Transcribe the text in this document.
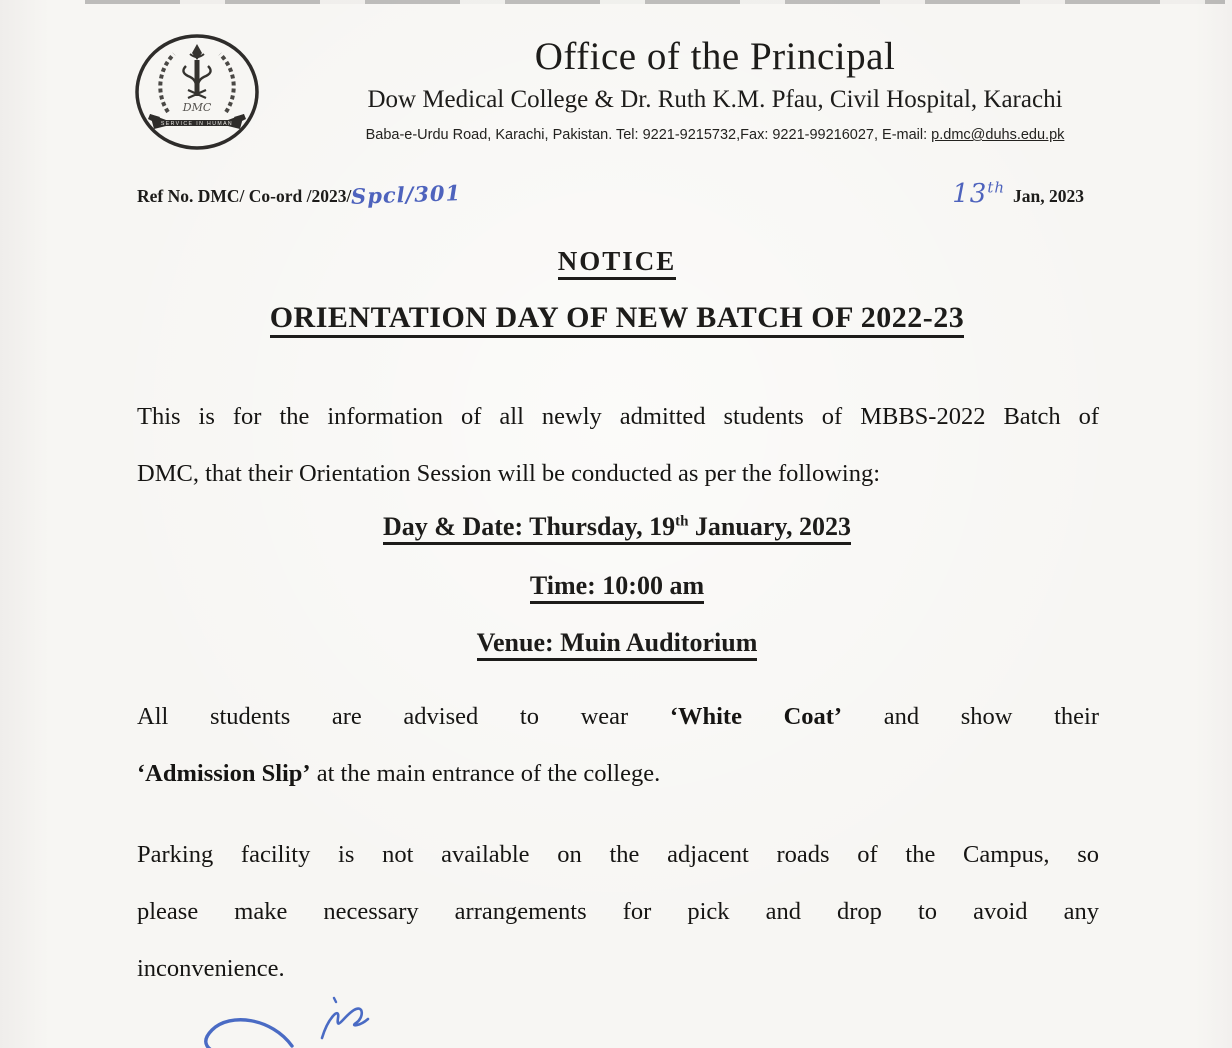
DMC
SERVICE IN HUMAN
Office of the Principal
Dow Medical College & Dr. Ruth K.M. Pfau, Civil Hospital, Karachi
Baba-e-Urdu Road, Karachi, Pakistan. Tel: 9221-9215732,Fax: 9221-99216027, E-mail: p.dmc@duhs.edu.pk
Ref No. DMC/ Co-ord /2023/Spcl/301	13th Jan, 2023
NOTICE
ORIENTATION DAY OF NEW BATCH OF 2022-23
This is for the information of all newly admitted students of MBBS-2022 Batch of
DMC, that their Orientation Session will be conducted as per the following:
Day & Date: Thursday, 19th January, 2023
Time: 10:00 am
Venue: Muin Auditorium
All students are advised to wear ‘White Coat’ and show their
‘Admission Slip’ at the main entrance of the college.
Parking facility is not available on the adjacent roads of the Campus, so
please make necessary arrangements for pick and drop to avoid any
inconvenience.
